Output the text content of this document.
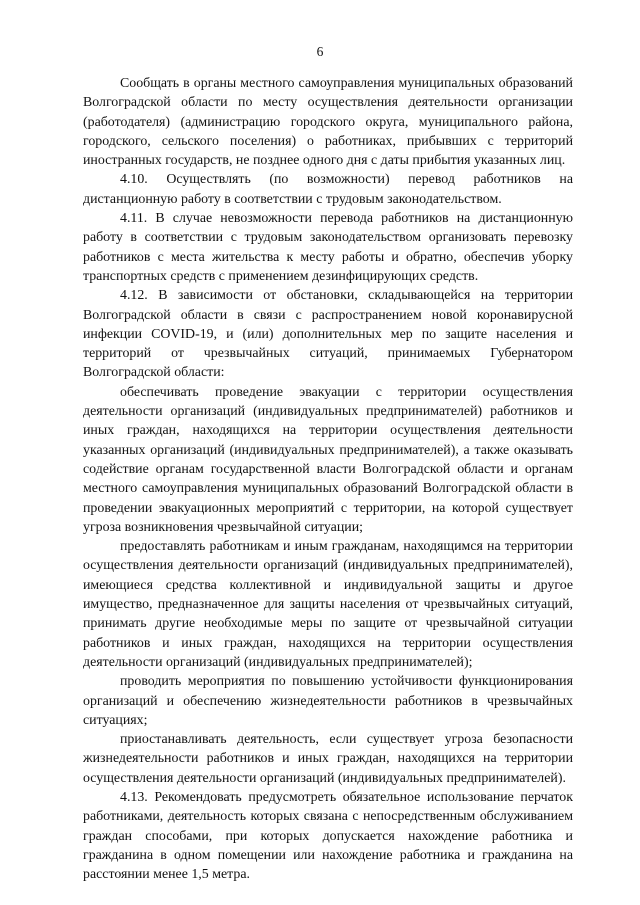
6

Сообщать в органы местного самоуправления муниципальных образований Волгоградской области по месту осуществления деятельности организации (работодателя) (администрацию городского округа, муниципального района, городского, сельского поселения) о работниках, прибывших с территорий иностранных государств, не позднее одного дня с даты прибытия указанных лиц.

4.10. Осуществлять (по возможности) перевод работников на дистанционную работу в соответствии с трудовым законодательством.

4.11. В случае невозможности перевода работников на дистанционную работу в соответствии с трудовым законодательством организовать перевозку работников с места жительства к месту работы и обратно, обеспечив уборку транспортных средств с применением дезинфицирующих средств.

4.12. В зависимости от обстановки, складывающейся на территории Волгоградской области в связи с распространением новой коронавирусной инфекции COVID-19, и (или) дополнительных мер по защите населения и территорий от чрезвычайных ситуаций, принимаемых Губернатором Волгоградской области:

обеспечивать проведение эвакуации с территории осуществления деятельности организаций (индивидуальных предпринимателей) работников и иных граждан, находящихся на территории осуществления деятельности указанных организаций (индивидуальных предпринимателей), а также оказывать содействие органам государственной власти Волгоградской области и органам местного самоуправления муниципальных образований Волгоградской области в проведении эвакуационных мероприятий с территории, на которой существует угроза возникновения чрезвычайной ситуации;

предоставлять работникам и иным гражданам, находящимся на территории осуществления деятельности организаций (индивидуальных предпринимателей), имеющиеся средства коллективной и индивидуальной защиты и другое имущество, предназначенное для защиты населения от чрезвычайных ситуаций, принимать другие необходимые меры по защите от чрезвычайной ситуации работников и иных граждан, находящихся на территории осуществления деятельности организаций (индивидуальных предпринимателей);

проводить мероприятия по повышению устойчивости функционирования организаций и обеспечению жизнедеятельности работников в чрезвычайных ситуациях;

приостанавливать деятельность, если существует угроза безопасности жизнедеятельности работников и иных граждан, находящихся на территории осуществления деятельности организаций (индивидуальных предпринимателей).

4.13. Рекомендовать предусмотреть обязательное использование перчаток работниками, деятельность которых связана с непосредственным обслуживанием граждан способами, при которых допускается нахождение работника и гражданина в одном помещении или нахождение работника и гражданина на расстоянии менее 1,5 метра.
